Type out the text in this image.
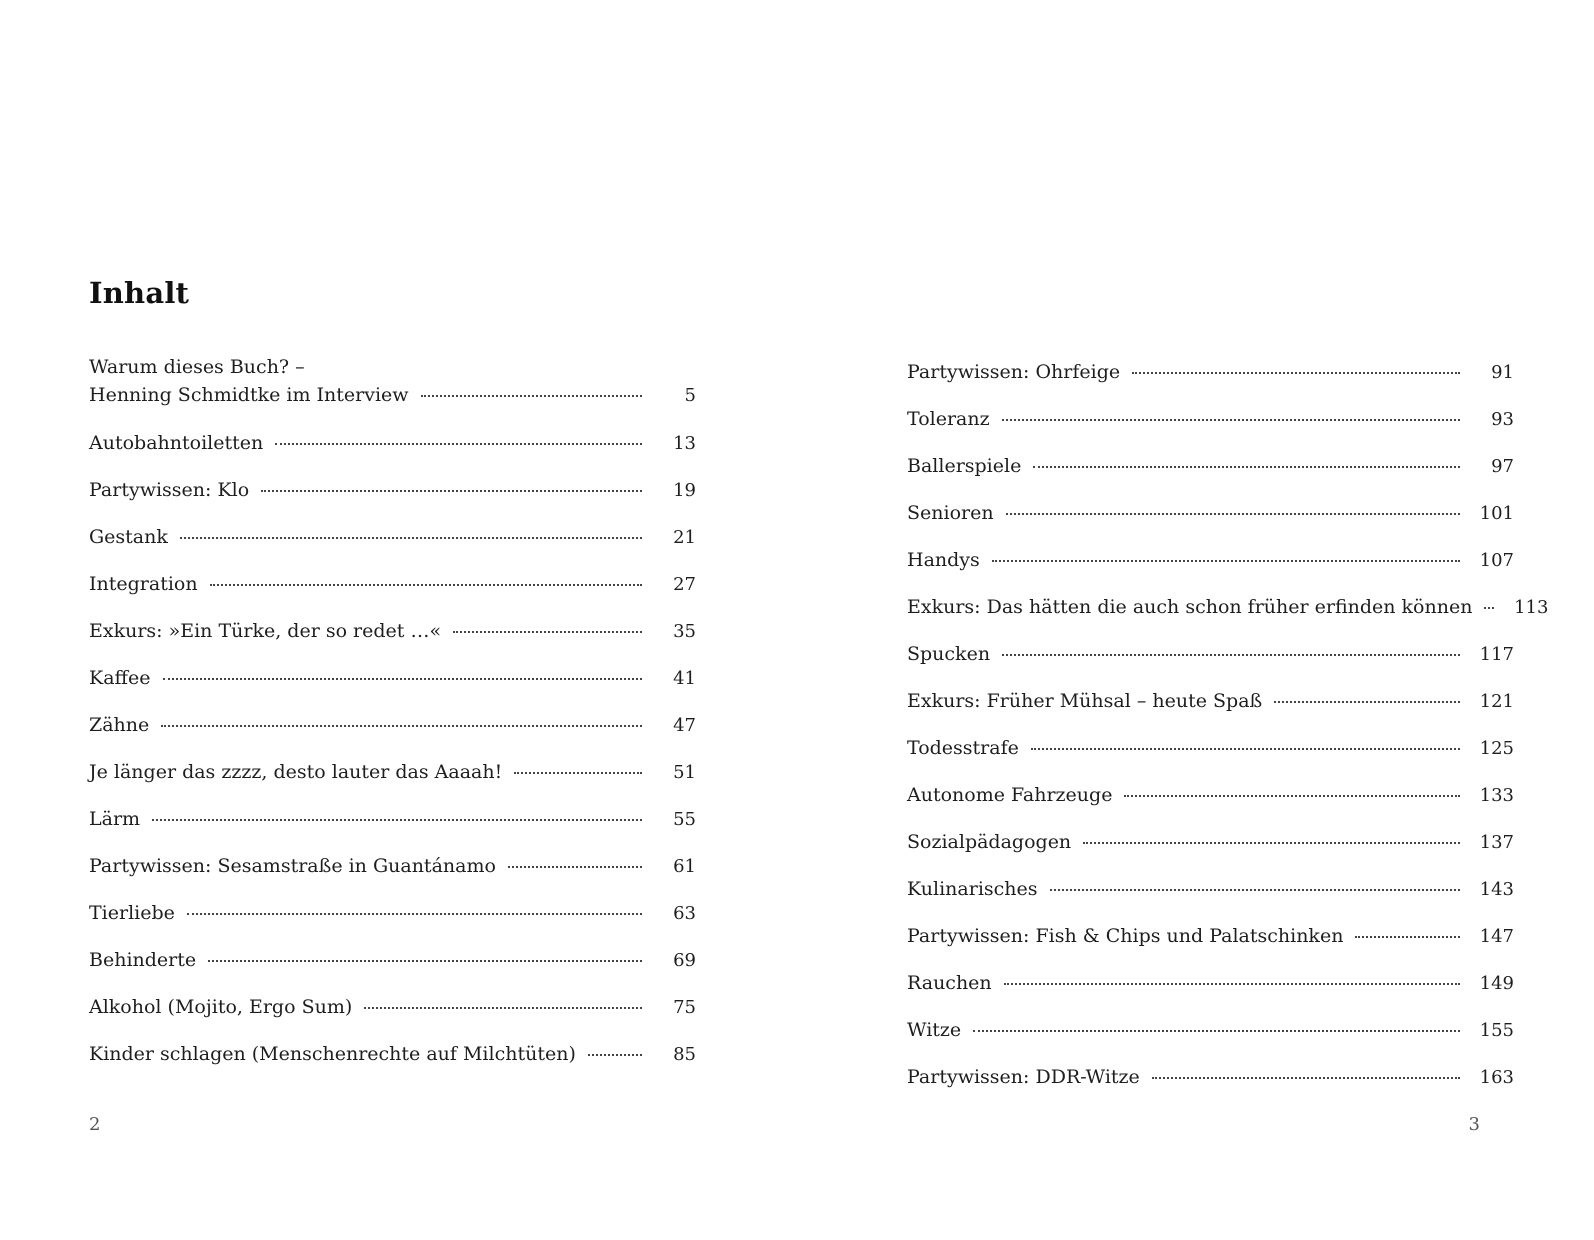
Inhalt
Warum dieses Buch? –
Henning Schmidtke im Interview	5
Autobahntoiletten	13
Partywissen: Klo	19
Gestank	21
Integration	27
Exkurs: »Ein Türke, der so redet …«	35
Kaffee	41
Zähne	47
Je länger das zzzz, desto lauter das Aaaah!	51
Lärm	55
Partywissen: Sesamstraße in Guantánamo	61
Tierliebe	63
Behinderte	69
Alkohol (Mojito, Ergo Sum)	75
Kinder schlagen (Menschenrechte auf Milchtüten)	85
2
Partywissen: Ohrfeige	91
Toleranz	93
Ballerspiele	97
Senioren	101
Handys	107
Exkurs: Das hätten die auch schon früher erfinden können	113
Spucken	117
Exkurs: Früher Mühsal – heute Spaß	121
Todesstrafe	125
Autonome Fahrzeuge	133
Sozialpädagogen	137
Kulinarisches	143
Partywissen: Fish & Chips und Palatschinken	147
Rauchen	149
Witze	155
Partywissen: DDR-Witze	163
3
